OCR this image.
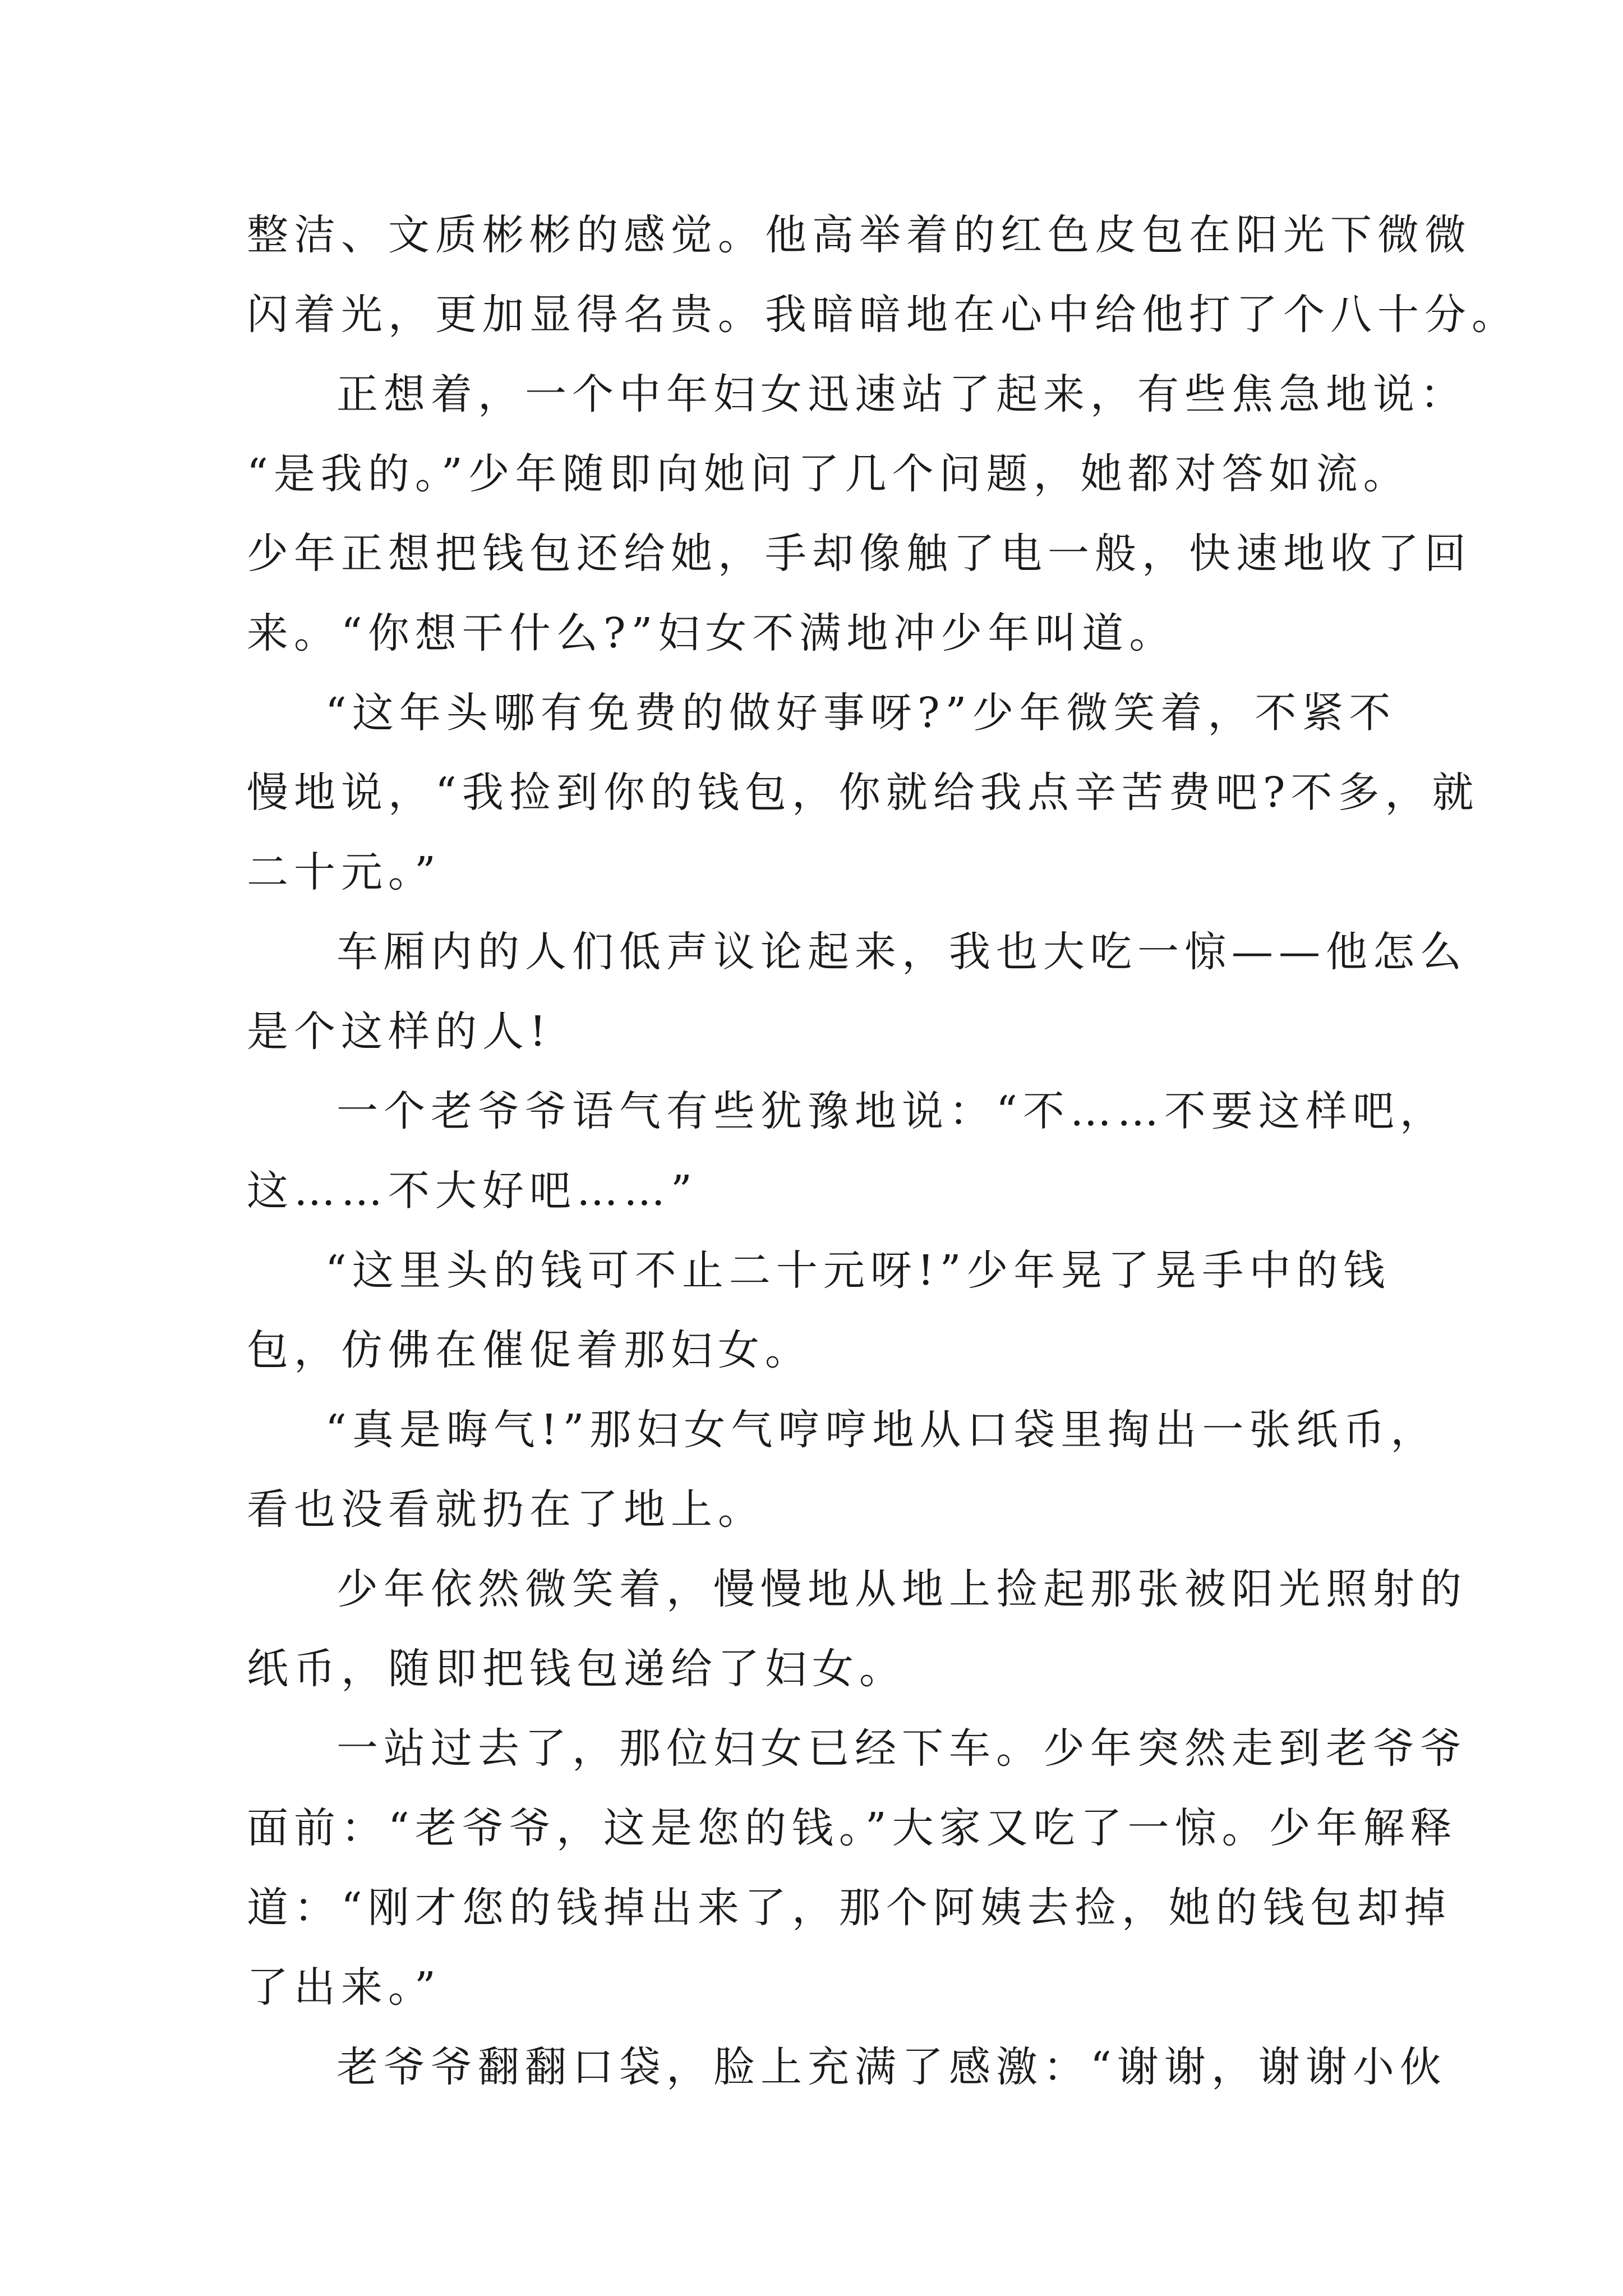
整洁、文质彬彬的感觉。他高举着的红色皮包在阳光下微微
闪着光，更加显得名贵。我暗暗地在心中给他打了个八十分。
正想着，一个中年妇女迅速站了起来，有些焦急地说：
“是我的。”少年随即向她问了几个问题，她都对答如流。
少年正想把钱包还给她，手却像触了电一般，快速地收了回
来。“你想干什么?”妇女不满地冲少年叫道。
“这年头哪有免费的做好事呀?”少年微笑着，不紧不
慢地说，“我捡到你的钱包，你就给我点辛苦费吧?不多，就
二十元。”
车厢内的人们低声议论起来，我也大吃一惊——他怎么
是个这样的人!
一个老爷爷语气有些犹豫地说：“不……不要这样吧，
这……不大好吧……”
“这里头的钱可不止二十元呀!”少年晃了晃手中的钱
包，仿佛在催促着那妇女。
“真是晦气!”那妇女气哼哼地从口袋里掏出一张纸币，
看也没看就扔在了地上。
少年依然微笑着，慢慢地从地上捡起那张被阳光照射的
纸币，随即把钱包递给了妇女。
一站过去了，那位妇女已经下车。少年突然走到老爷爷
面前：“老爷爷，这是您的钱。”大家又吃了一惊。少年解释
道：“刚才您的钱掉出来了，那个阿姨去捡，她的钱包却掉
了出来。”
老爷爷翻翻口袋，脸上充满了感激：“谢谢，谢谢小伙
